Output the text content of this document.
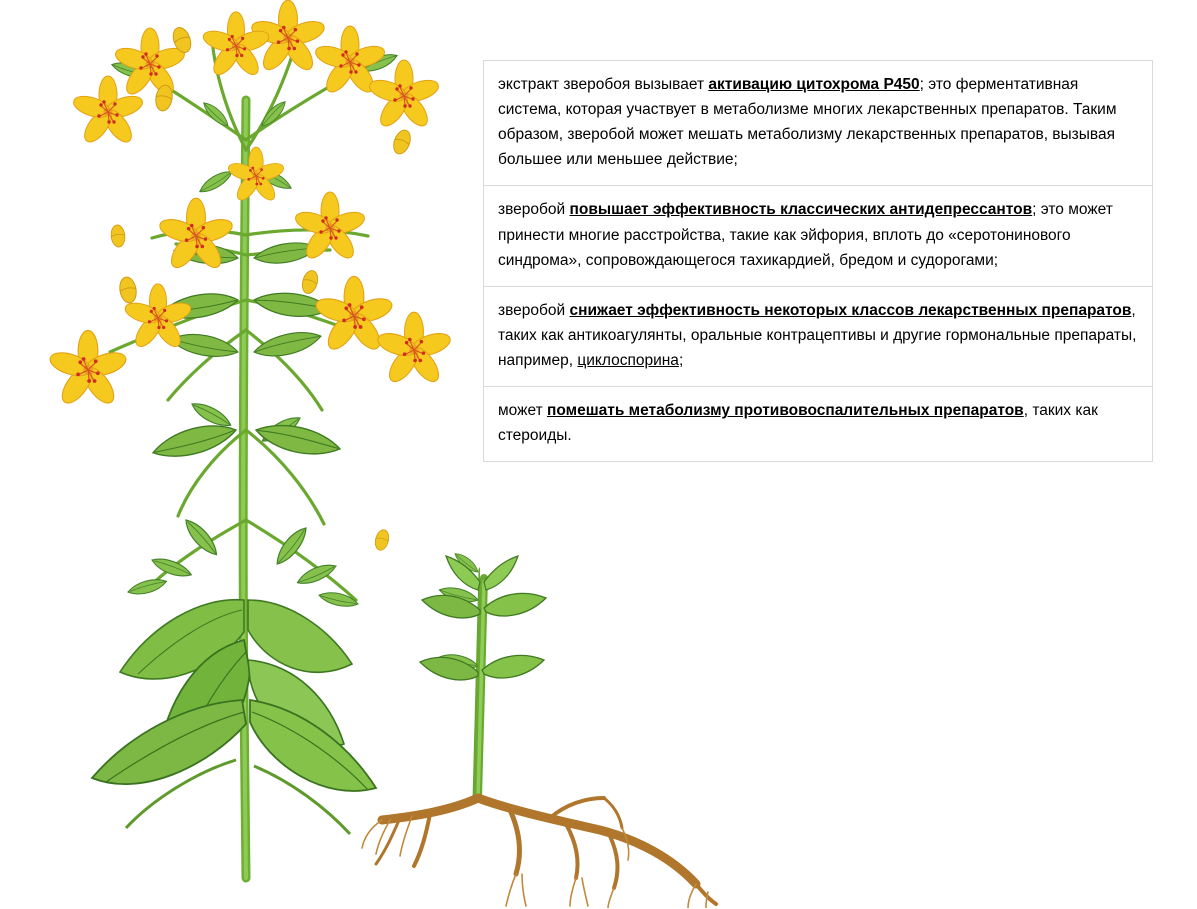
экстракт зверобоя вызывает активацию цитохрома P450; это ферментативная система, которая участвует в метаболизме многих лекарственных препаратов. Таким образом, зверобой может мешать метаболизму лекарственных препаратов, вызывая большее или меньшее действие;

зверобой повышает эффективность классических антидепрессантов; это может принести многие расстройства, такие как эйфория, вплоть до «серотонинового синдрома», сопровождающегося тахикардией, бредом и судорогами;

зверобой снижает эффективность некоторых классов лекарственных препаратов, таких как антикоагулянты, оральные контрацептивы и другие гормональные препараты, например, циклоспорина;

может помешать метаболизму противовоспалительных препаратов, таких как стероиды.
